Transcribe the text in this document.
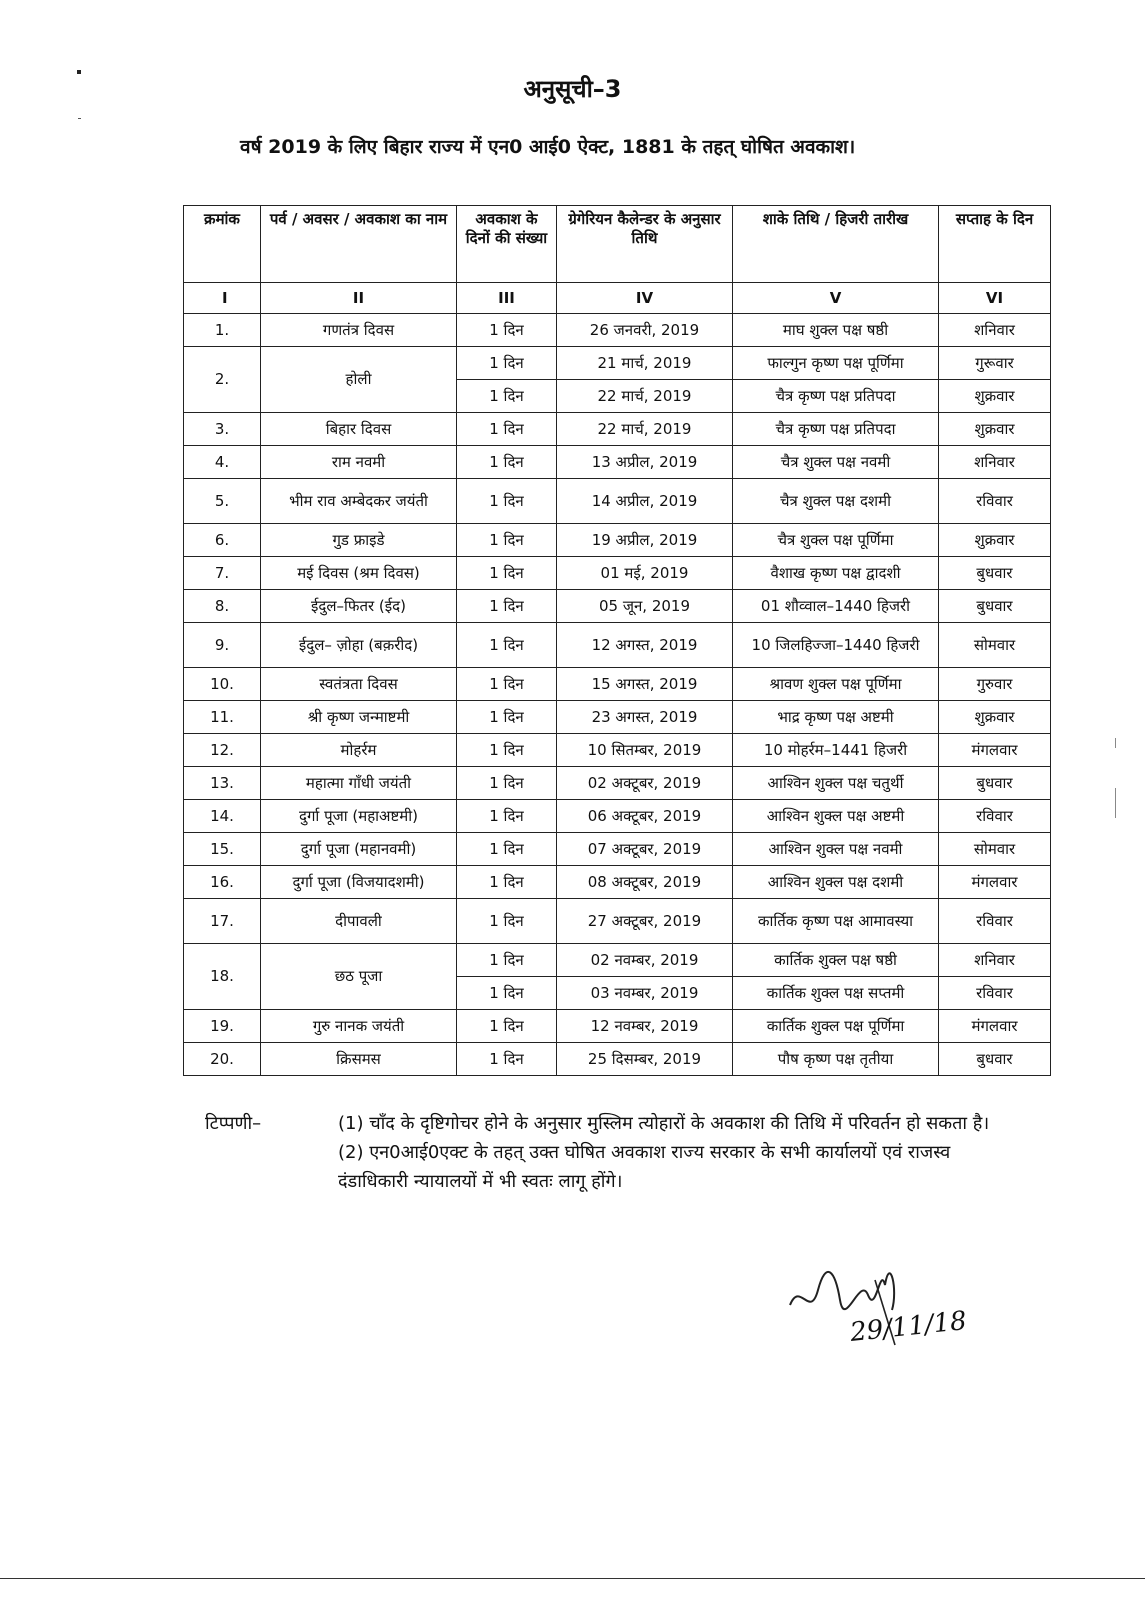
अनुसूची–3
वर्ष 2019 के लिए बिहार राज्य में एन0 आई0 ऐक्ट, 1881 के तहत् घोषित अवकाश।
क्रमांक	पर्व / अवसर / अवकाश का नाम	अवकाश के दिनों की संख्या	ग्रेगेरियन कैलेन्डर के अनुसार तिथि	शाके तिथि / हिजरी तारीख	सप्ताह के दिन
I	II	III	IV	V	VI
1.	गणतंत्र दिवस	1 दिन	26 जनवरी, 2019	माघ शुक्ल पक्ष षष्ठी	शनिवार
2.	होली	1 दिन	21 मार्च, 2019	फाल्गुन कृष्ण पक्ष पूर्णिमा	गुरूवार
		1 दिन	22 मार्च, 2019	चैत्र कृष्ण पक्ष प्रतिपदा	शुक्रवार
3.	बिहार दिवस	1 दिन	22 मार्च, 2019	चैत्र कृष्ण पक्ष प्रतिपदा	शुक्रवार
4.	राम नवमी	1 दिन	13 अप्रील, 2019	चैत्र शुक्ल पक्ष नवमी	शनिवार
5.	भीम राव अम्बेदकर जयंती	1 दिन	14 अप्रील, 2019	चैत्र शुक्ल पक्ष दशमी	रविवार
6.	गुड फ्राइडे	1 दिन	19 अप्रील, 2019	चैत्र शुक्ल पक्ष पूर्णिमा	शुक्रवार
7.	मई दिवस (श्रम दिवस)	1 दिन	01 मई, 2019	वैशाख कृष्ण पक्ष द्वादशी	बुधवार
8.	ईदुल–फितर (ईद)	1 दिन	05 जून, 2019	01 शौव्वाल–1440 हिजरी	बुधवार
9.	ईदुल– ज़ोहा (बक़रीद)	1 दिन	12 अगस्त, 2019	10 जिलहिज्जा–1440 हिजरी	सोमवार
10.	स्वतंत्रता दिवस	1 दिन	15 अगस्त, 2019	श्रावण शुक्ल पक्ष पूर्णिमा	गुरुवार
11.	श्री कृष्ण जन्माष्टमी	1 दिन	23 अगस्त, 2019	भाद्र कृष्ण पक्ष अष्टमी	शुक्रवार
12.	मोहर्रम	1 दिन	10 सितम्बर, 2019	10 मोहर्रम–1441 हिजरी	मंगलवार
13.	महात्मा गॉंधी जयंती	1 दिन	02 अक्टूबर, 2019	आश्विन शुक्ल पक्ष चतुर्थी	बुधवार
14.	दुर्गा पूजा (महाअष्टमी)	1 दिन	06 अक्टूबर, 2019	आश्विन शुक्ल पक्ष अष्टमी	रविवार
15.	दुर्गा पूजा (महानवमी)	1 दिन	07 अक्टूबर, 2019	आश्विन शुक्ल पक्ष नवमी	सोमवार
16.	दुर्गा पूजा (विजयादशमी)	1 दिन	08 अक्टूबर, 2019	आश्विन शुक्ल पक्ष दशमी	मंगलवार
17.	दीपावली	1 दिन	27 अक्टूबर, 2019	कार्तिक कृष्ण पक्ष आमावस्या	रविवार
18.	छठ पूजा	1 दिन	02 नवम्बर, 2019	कार्तिक शुक्ल पक्ष षष्ठी	शनिवार
		1 दिन	03 नवम्बर, 2019	कार्तिक शुक्ल पक्ष सप्तमी	रविवार
19.	गुरु नानक जयंती	1 दिन	12 नवम्बर, 2019	कार्तिक शुक्ल पक्ष पूर्णिमा	मंगलवार
20.	क्रिसमस	1 दिन	25 दिसम्बर, 2019	पौष कृष्ण पक्ष तृतीया	बुधवार
टिप्पणी–	(1) चॉंद के दृष्टिगोचर होने के अनुसार मुस्लिम त्योहारों के अवकाश की तिथि में परिवर्तन हो सकता है।

(2) एन0आई0एक्ट के तहत् उक्त घोषित अवकाश राज्य सरकार के सभी कार्यालयों एवं राजस्व दंडाधिकारी न्यायालयों में भी स्वतः लागू होंगे।

29/11/18
